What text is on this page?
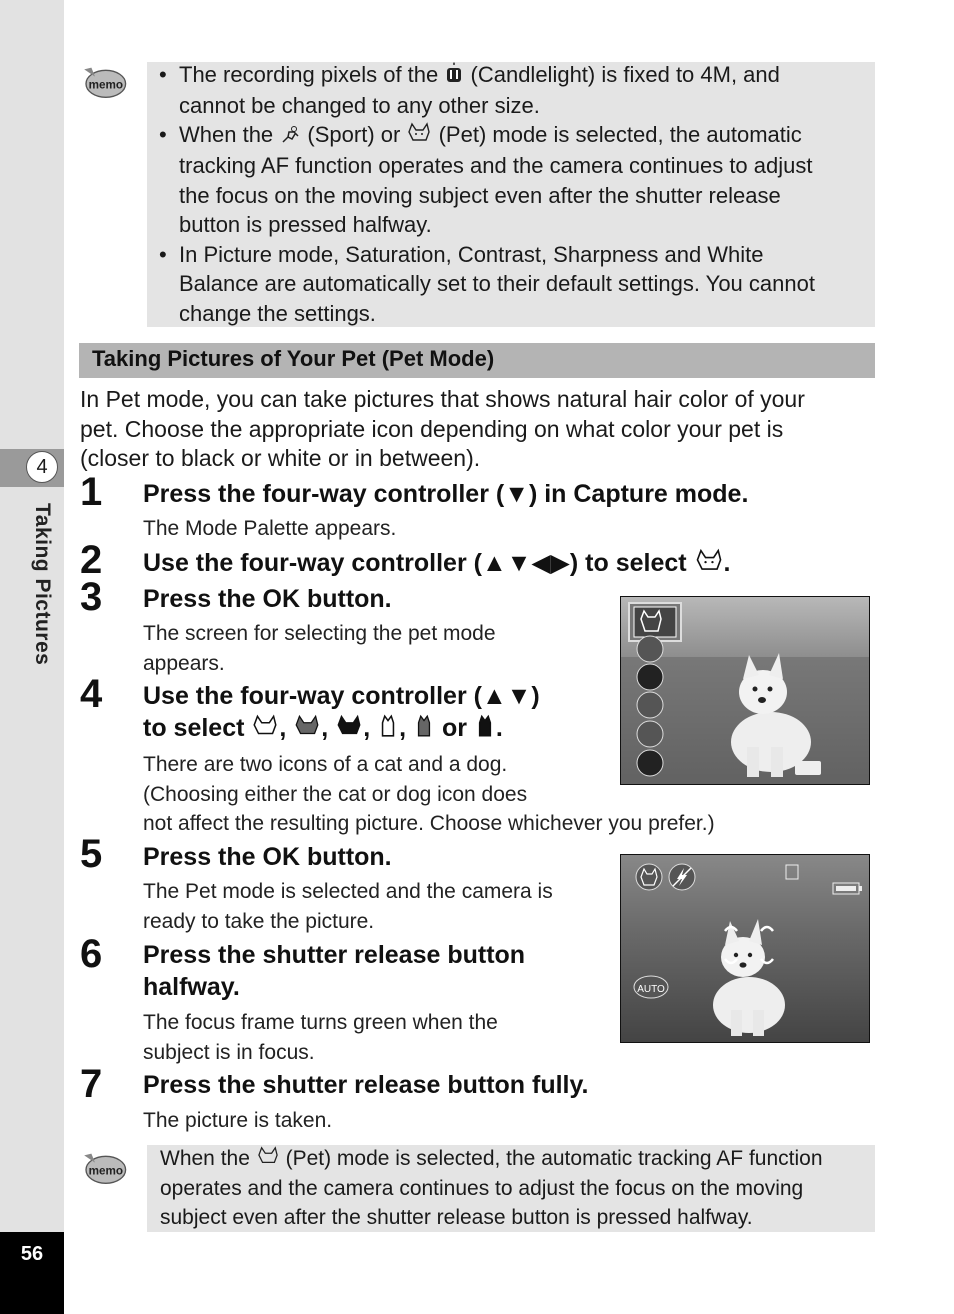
4
Taking Pictures
56
memo • The recording pixels of the (Candlelight) is fixed to 4M, and
cannot be changed to any other size.
• When the (Sport) or (Pet) mode is selected, the automatic
tracking AF function operates and the camera continues to adjust
the focus on the moving subject even after the shutter release
button is pressed halfway.
• In Picture mode, Saturation, Contrast, Sharpness and White
Balance are automatically set to their default settings. You cannot
change the settings.
Taking Pictures of Your Pet (Pet Mode)
In Pet mode, you can take pictures that shows natural hair color of your
pet. Choose the appropriate icon depending on what color your pet is
(closer to black or white or in between).
1 Press the four-way controller (▼) in Capture mode.
The Mode Palette appears.
2 Use the four-way controller (▲▼◀▶) to select .
3 Press the OK button.
The screen for selecting the pet mode
appears.
4 Use the four-way controller (▲▼)
to select , , , , or .
There are two icons of a cat and a dog.
(Choosing either the cat or dog icon does
not affect the resulting picture. Choose whichever you prefer.)
5 Press the OK button.
The Pet mode is selected and the camera is
ready to take the picture.
AUTO
6 Press the shutter release button
halfway.
The focus frame turns green when the
subject is in focus.
7 Press the shutter release button fully.
The picture is taken.
memo
When the (Pet) mode is selected, the automatic tracking AF function
operates and the camera continues to adjust the focus on the moving
subject even after the shutter release button is pressed halfway.
